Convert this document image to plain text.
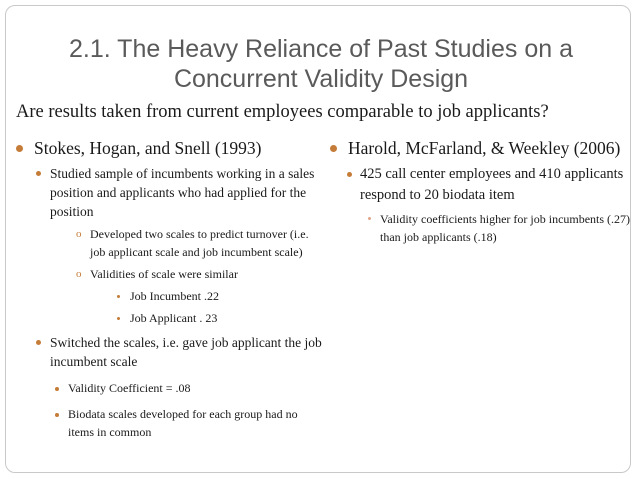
2.1. The Heavy Reliance of Past Studies on a
Concurrent Validity Design
Are results taken from current employees comparable to job applicants?
Stokes, Hogan, and Snell (1993)
Studied sample of incumbents working in a sales position and applicants who had applied for the position
o Developed two scales to predict turnover (i.e. job applicant scale and job incumbent scale)
o Validities of scale were similar
Job Incumbent .22
Job Applicant . 23
Switched the scales, i.e. gave job applicant the job incumbent scale
Validity Coefficient = .08
Biodata scales developed for each group had no items in common
Harold, McFarland, & Weekley (2006)
425 call center employees and 410 applicants respond to 20 biodata item
Validity coefficients higher for job incumbents (.27) than job applicants (.18)
